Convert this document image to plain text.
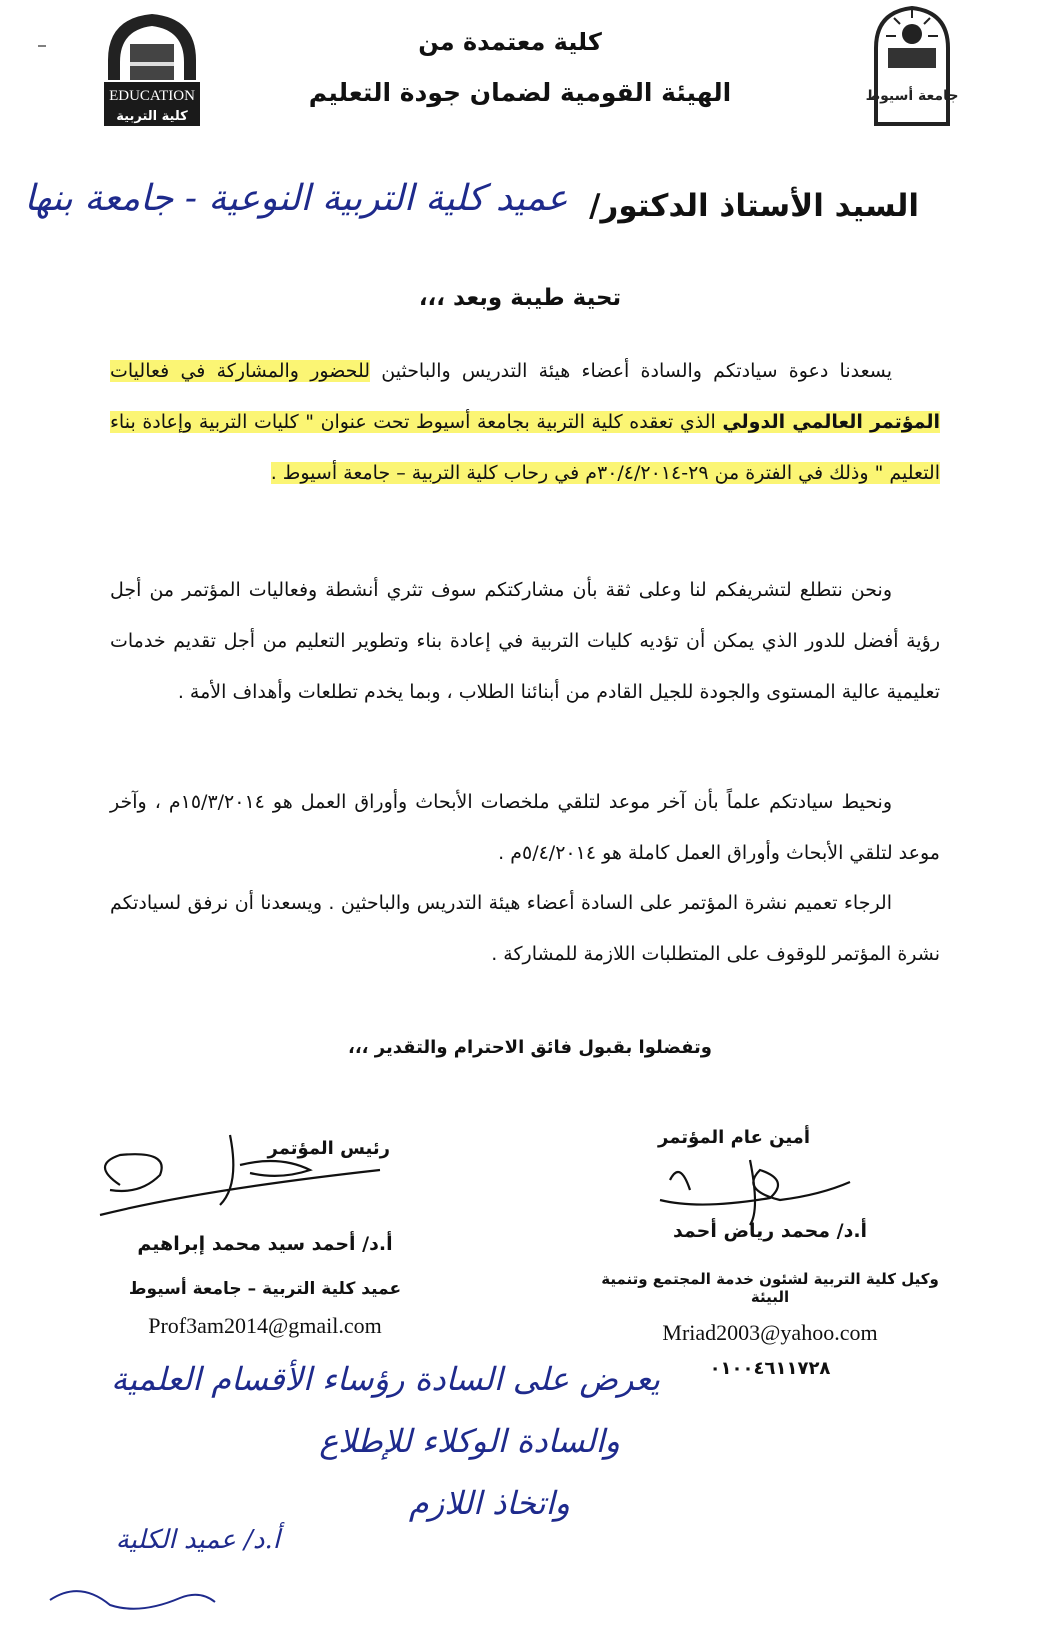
EDUCATION
كلية التربية
كلية معتمدة من
الهيئة القومية لضمان جودة التعليم	جامعة أسيوط
السيد الأستاذ الدكتور/
عميد كلية التربية النوعية - جامعة بنها
تحية طيبة وبعد ،،،
يسعدنا دعوة سيادتكم والسادة أعضاء هيئة التدريس والباحثين للحضور والمشاركة في فعاليات المؤتمر العالمي الدولي الذي تعقده كلية التربية بجامعة أسيوط تحت عنوان " كليات التربية وإعادة بناء التعليم " وذلك في الفترة من ٢٩-٣٠/٤/٢٠١٤م في رحاب كلية التربية – جامعة أسيوط .
ونحن نتطلع لتشريفكم لنا وعلى ثقة بأن مشاركتكم سوف تثري أنشطة وفعاليات المؤتمر من أجل رؤية أفضل للدور الذي يمكن أن تؤديه كليات التربية في إعادة بناء وتطوير التعليم من أجل تقديم خدمات تعليمية عالية المستوى والجودة للجيل القادم من أبنائنا الطلاب ، وبما يخدم تطلعات وأهداف الأمة .
ونحيط سيادتكم علماً بأن آخر موعد لتلقي ملخصات الأبحاث وأوراق العمل هو ١٥/٣/٢٠١٤م ، وآخر موعد لتلقي الأبحاث وأوراق العمل كاملة هو ٥/٤/٢٠١٤م .
الرجاء تعميم نشرة المؤتمر على السادة أعضاء هيئة التدريس والباحثين . ويسعدنا أن نرفق لسيادتكم نشرة المؤتمر للوقوف على المتطلبات اللازمة للمشاركة .
وتفضلوا بقبول فائق الاحترام والتقدير ،،،
رئيس المؤتمر
أ.د/ أحمد سيد محمد إبراهيم
عميد كلية التربية – جامعة أسيوط
Prof3am2014@gmail.com
أمين عام المؤتمر
أ.د/ محمد رياض أحمد
وكيل كلية التربية لشئون خدمة المجتمع وتنمية البيئة
Mriad2003@yahoo.com
٠١٠٠٤٦١١٧٢٨
يعرض على السادة رؤساء الأقسام العلمية
والسادة الوكلاء للإطلاع
واتخاذ اللازم
أ.د/ عميد الكلية
